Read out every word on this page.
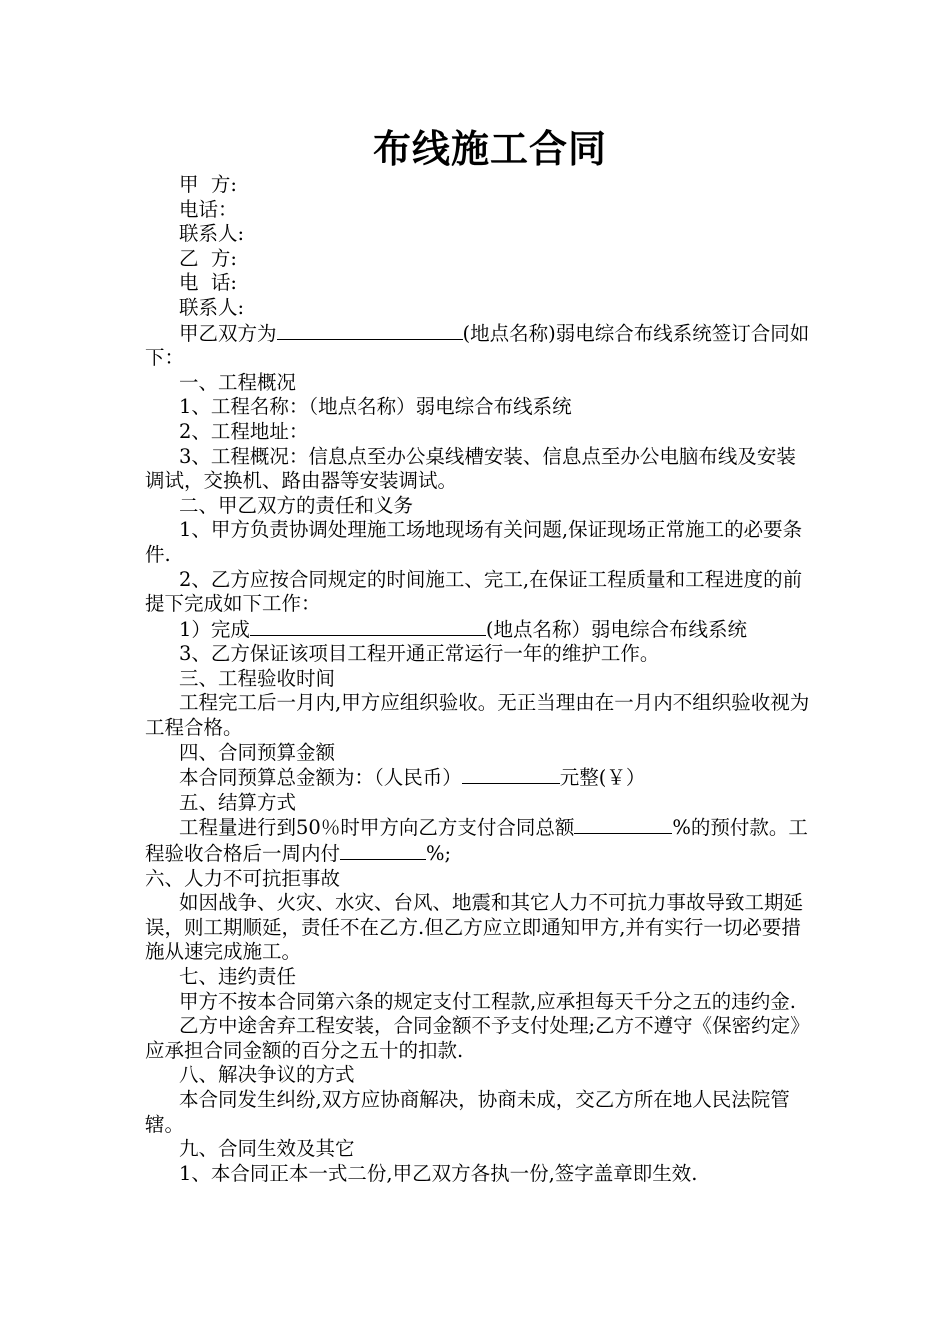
布线施工合同

甲  方:

电话：

联系人:

乙  方:

电  话:

联系人:

甲乙双方为	(地点名称)弱电综合布线系统签订合同如下：

一、工程概况

1、工程名称：（地点名称）弱电综合布线系统

2、工程地址：

3、工程概况：信息点至办公桌线槽安装、信息点至办公电脑布线及安装调试，交换机、路由器等安装调试。

二、甲乙双方的责任和义务

1、甲方负责协调处理施工场地现场有关问题,保证现场正常施工的必要条件.

2、乙方应按合同规定的时间施工、完工,在保证工程质量和工程进度的前提下完成如下工作：

1）完成	(地点名称）弱电综合布线系统

3、乙方保证该项目工程开通正常运行一年的维护工作。

三、工程验收时间

工程完工后一月内,甲方应组织验收。无正当理由在一月内不组织验收视为工程合格。

四、合同预算金额

本合同预算总金额为：（人民币）	元整(￥）

五、结算方式

工程量进行到50％时甲方向乙方支付合同总额	%的预付款。工程验收合格后一周内付	%;

六、人力不可抗拒事故

如因战争、火灾、水灾、台风、地震和其它人力不可抗力事故导致工期延误，则工期顺延，责任不在乙方.但乙方应立即通知甲方,并有实行一切必要措施从速完成施工。

七、违约责任

甲方不按本合同第六条的规定支付工程款,应承担每天千分之五的违约金.

乙方中途舍弃工程安装，合同金额不予支付处理;乙方不遵守《保密约定》应承担合同金额的百分之五十的扣款.

八、解决争议的方式

本合同发生纠纷,双方应协商解决，协商未成，交乙方所在地人民法院管辖。

九、合同生效及其它

1、本合同正本一式二份,甲乙双方各执一份,签字盖章即生效.
